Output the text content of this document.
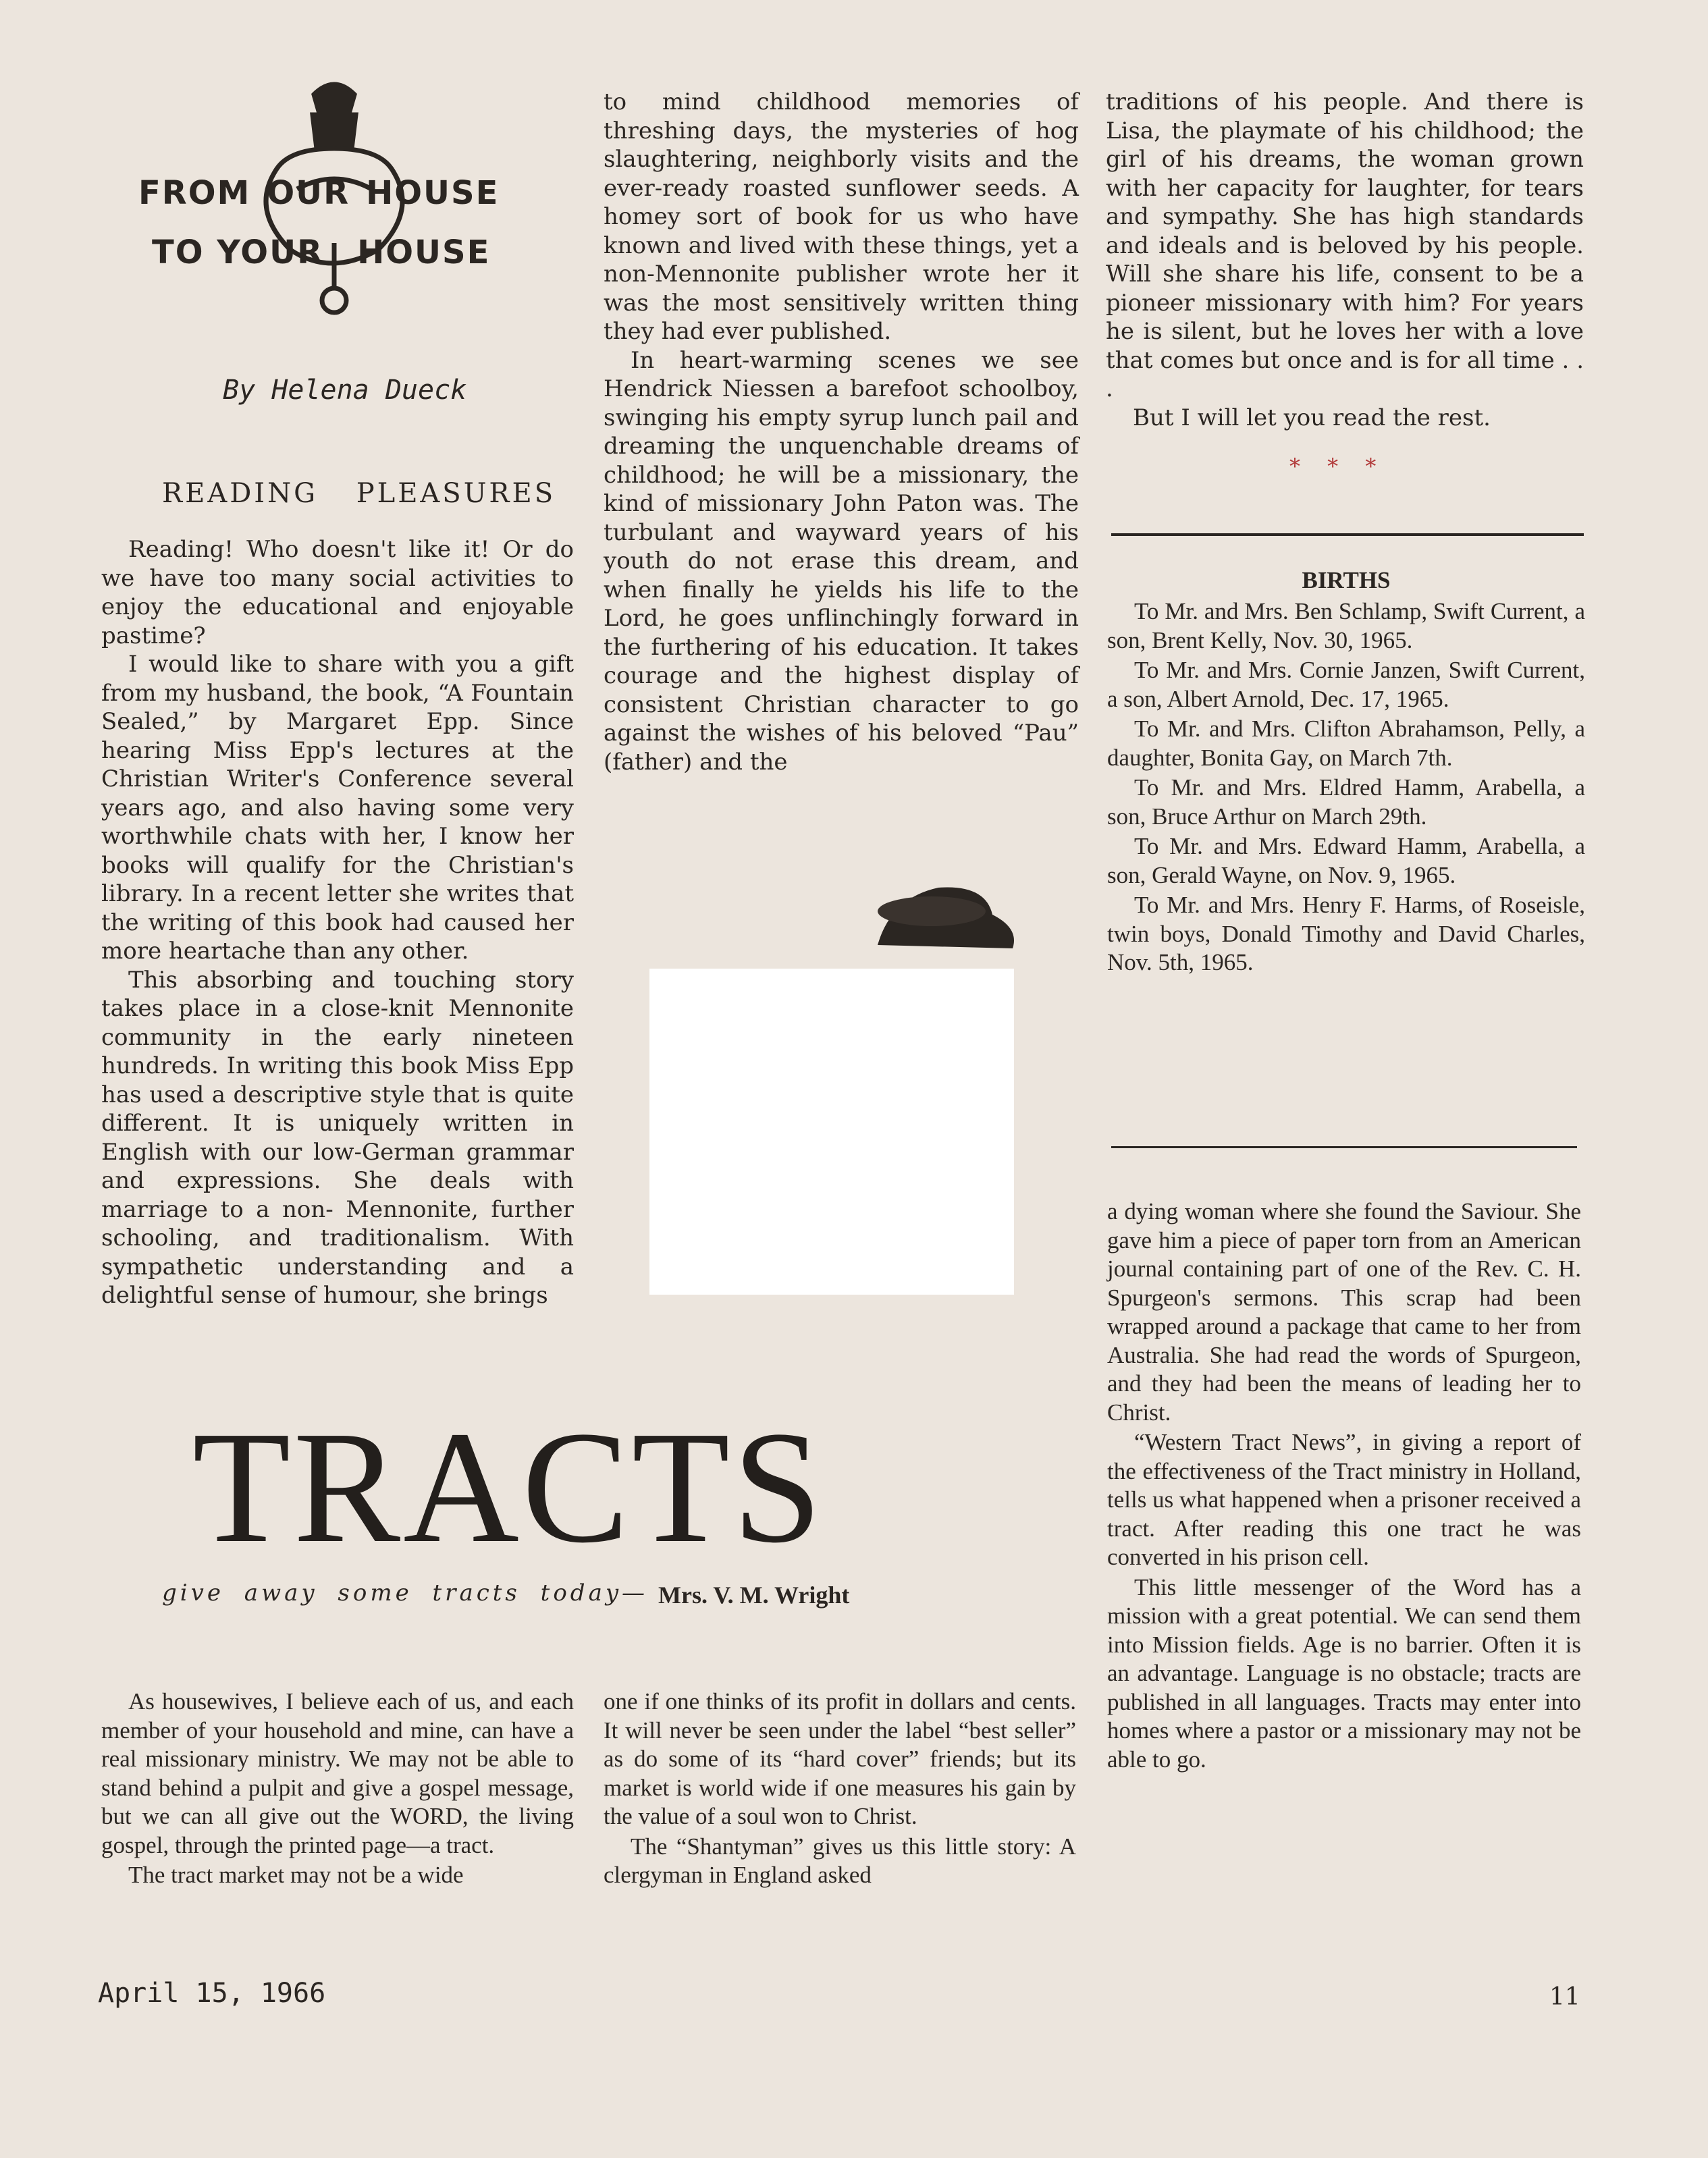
FROM OUR HOUSE
TO YOUR HOUSE
By Helena Dueck
READING PLEASURES

Reading! Who doesn't like it! Or do we have too many social activities to enjoy the educational and enjoyable pastime?

I would like to share with you a gift from my husband, the book, “A Fountain Sealed,” by Margaret Epp. Since hearing Miss Epp's lectures at the Christian Writer's Conference several years ago, and also having some very worthwhile chats with her, I know her books will qualify for the Christian's library. In a recent letter she writes that the writing of this book had caused her more heartache than any other.

This absorbing and touching story takes place in a close-knit Mennonite community in the early nineteen hundreds. In writing this book Miss Epp has used a descriptive style that is quite different. It is uniquely written in English with our low-German grammar and expressions. She deals with marriage to a non- Mennonite, further schooling, and traditionalism. With sympathetic understanding and a delightful sense of humour, she brings

to mind childhood memories of threshing days, the mysteries of hog slaughtering, neighborly visits and the ever-ready roasted sunflower seeds. A homey sort of book for us who have known and lived with these things, yet a non-Mennonite publisher wrote her it was the most sensitively written thing they had ever published.

In heart-warming scenes we see Hendrick Niessen a barefoot schoolboy, swinging his empty syrup lunch pail and dreaming the unquenchable dreams of childhood; he will be a missionary, the kind of missionary John Paton was. The turbulant and wayward years of his youth do not erase this dream, and when finally he yields his life to the Lord, he goes unflinchingly forward in the furthering of his education. It takes courage and the highest display of consistent Christian character to go against the wishes of his beloved “Pau” (father) and the

traditions of his people. And there is Lisa, the playmate of his childhood; the girl of his dreams, the woman grown with her capacity for laughter, for tears and sympathy. She has high standards and ideals and is beloved by his people. Will she share his life, consent to be a pioneer missionary with him? For years he is silent, but he loves her with a love that comes but once and is for all time . . .

But I will let you read the rest.

* * *
BIRTHS

To Mr. and Mrs. Ben Schlamp, Swift Current, a son, Brent Kelly, Nov. 30, 1965.

To Mr. and Mrs. Cornie Janzen, Swift Current, a son, Albert Arnold, Dec. 17, 1965.

To Mr. and Mrs. Clifton Abrahamson, Pelly, a daughter, Bonita Gay, on March 7th.

To Mr. and Mrs. Eldred Hamm, Arabella, a son, Bruce Arthur on March 29th.

To Mr. and Mrs. Edward Hamm, Arabella, a son, Gerald Wayne, on Nov. 9, 1965.

To Mr. and Mrs. Henry F. Harms, of Roseisle, twin boys, Donald Timothy and David Charles, Nov. 5th, 1965.

TRACTS
give away some tracts today— Mrs. V. M. Wright

a dying woman where she found the Saviour. She gave him a piece of paper torn from an American journal containing part of one of the Rev. C. H. Spurgeon's sermons. This scrap had been wrapped around a package that came to her from Australia. She had read the words of Spurgeon, and they had been the means of leading her to Christ.

“Western Tract News”, in giving a report of the effectiveness of the Tract ministry in Holland, tells us what happened when a prisoner received a tract. After reading this one tract he was converted in his prison cell.

This little messenger of the Word has a mission with a great potential. We can send them into Mission fields. Age is no barrier. Often it is an advantage. Language is no obstacle; tracts are published in all languages. Tracts may enter into homes where a pastor or a missionary may not be able to go.

As housewives, I believe each of us, and each member of your household and mine, can have a real missionary ministry. We may not be able to stand behind a pulpit and give a gospel message, but we can all give out the WORD, the living gospel, through the printed page—a tract.

The tract market may not be a wide

one if one thinks of its profit in dollars and cents. It will never be seen under the label “best seller” as do some of its “hard cover” friends; but its market is world wide if one measures his gain by the value of a soul won to Christ.

The “Shantyman” gives us this little story: A clergyman in England asked

April 15, 1966	11
